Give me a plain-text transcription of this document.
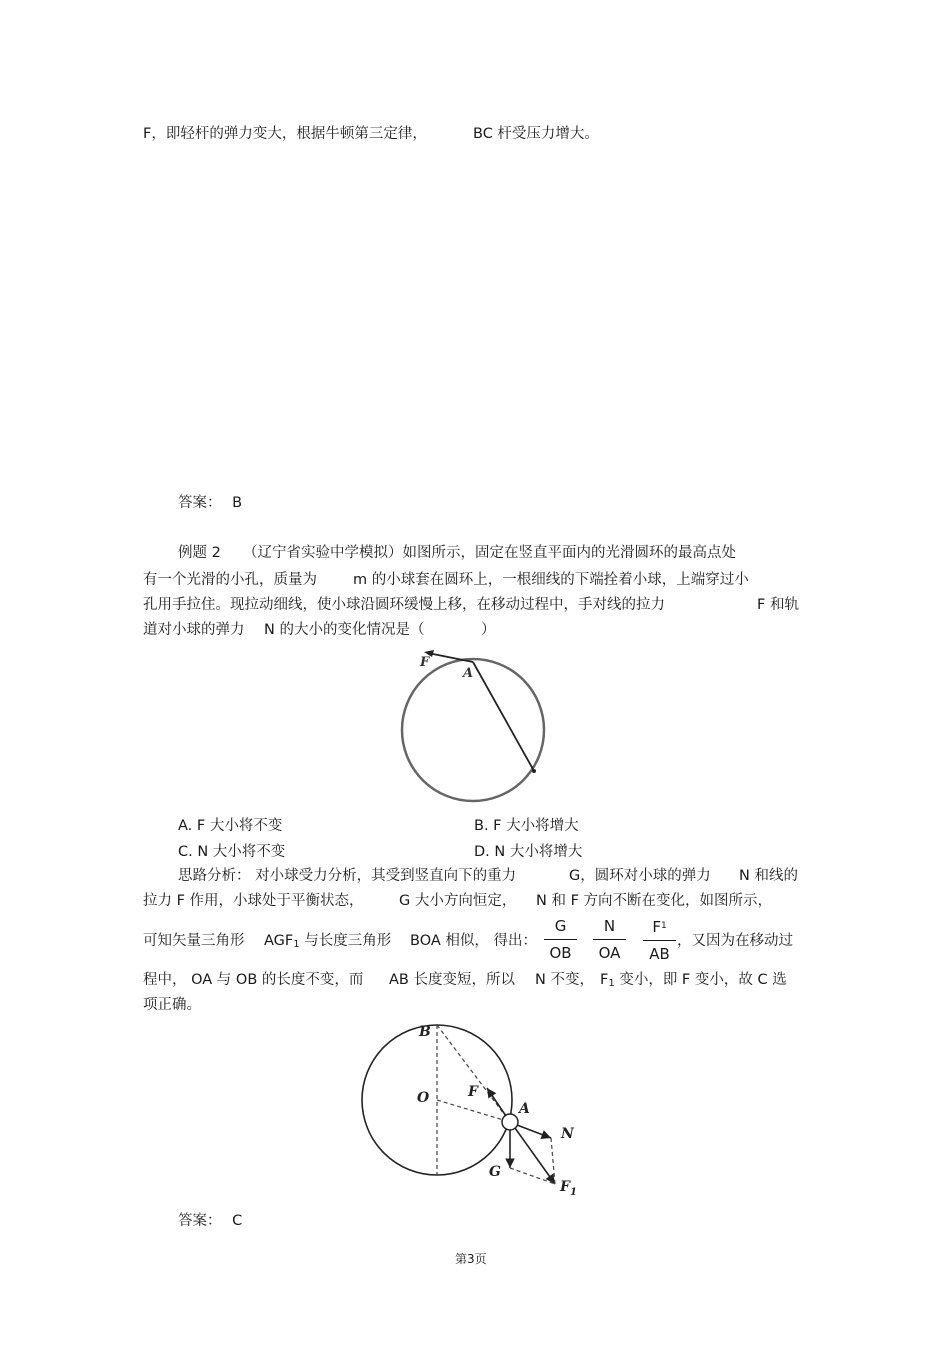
F，即轻杆的弹力变大，根据牛顿第三定律，	BC 杆受压力增大。
答案： B
例题 2 （辽宁省实验中学模拟）如图所示，固定在竖直平面内的光滑圆环的最高点处
有一个光滑的小孔，质量为 m 的小球套在圆环上，一根细线的下端拴着小球，上端穿过小
孔用手拉住。现拉动细线，使小球沿圆环缓慢上移，在移动过程中，手对线的拉力	F 和轨
道对小球的弹力 N 的大小的变化情况是（	）
F
A
A. F 大小将不变	B. F 大小将增大
C. N 大小将不变	D. N 大小将增大
思路分析： 对小球受力分析，其受到竖直向下的重力	G，圆环对小球的弹力 N 和线的
拉力 F 作用，小球处于平衡状态， G 大小方向恒定， N 和 F 方向不断在变化，如图所示，
可知矢量三角形 $AGF_1$ 与长度三角形 BOA 相似， 得出：
G
OB
N
OA
$F^1$
AB
，又因为在移动过
程中， OA 与 OB 的长度不变，而 AB 长度变短，所以 N 不变， $F_1$ 变小，即 F 变小，故 C 选
项正确。
B
O	F
A
N
G
$F_1$
答案： C
第3页
